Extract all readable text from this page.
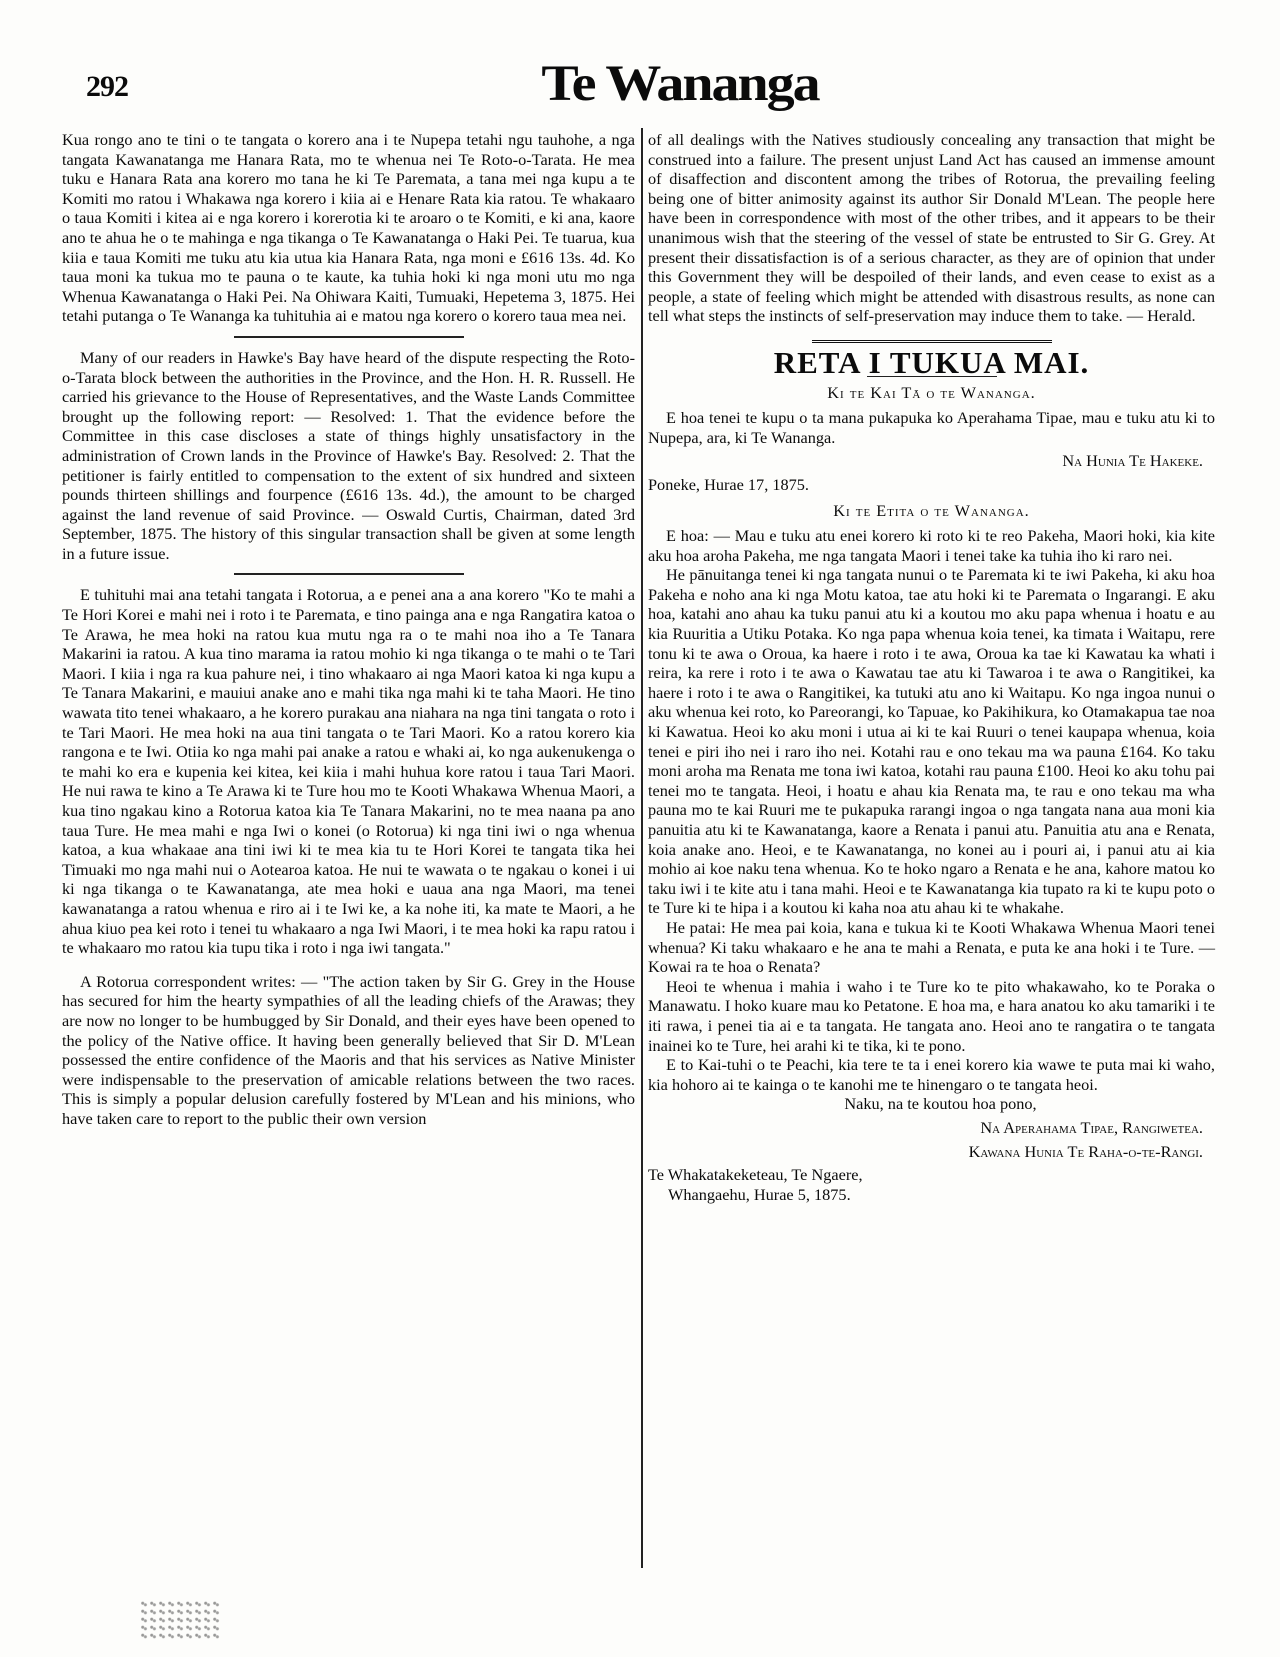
292	Te Wananga

Kua rongo ano te tini o te tangata o korero ana i te Nupepa tetahi ngu tauhohe, a nga tangata Kawanatanga me Hanara Rata, mo te whenua nei Te Roto-o-Tarata. He mea tuku e Hanara Rata ana korero mo tana he ki Te Paremata, a tana mei nga kupu a te Komiti mo ratou i Whakawa nga korero i kiia ai e Henare Rata kia ratou. Te whakaaro o taua Komiti i kitea ai e nga korero i korerotia ki te aroaro o te Komiti, e ki ana, kaore ano te ahua he o te mahinga e nga tikanga o Te Kawanatanga o Haki Pei. Te tuarua, kua kiia e taua Komiti me tuku atu kia utua kia Hanara Rata, nga moni e £616 13s. 4d. Ko taua moni ka tukua mo te pauna o te kaute, ka tuhia hoki ki nga moni utu mo nga Whenua Kawanatanga o Haki Pei. Na Ohiwara Kaiti, Tumuaki, Hepetema 3, 1875. Hei tetahi putanga o Te Wananga ka tuhituhia ai e matou nga korero o korero taua mea nei.

Many of our readers in Hawke's Bay have heard of the dispute respecting the Roto-o-Tarata block between the authorities in the Province, and the Hon. H. R. Russell. He carried his grievance to the House of Representatives, and the Waste Lands Committee brought up the following report: — Resolved: 1. That the evidence before the Committee in this case discloses a state of things highly unsatisfactory in the administration of Crown lands in the Province of Hawke's Bay. Resolved: 2. That the petitioner is fairly entitled to compensation to the extent of six hundred and sixteen pounds thirteen shillings and fourpence (£616 13s. 4d.), the amount to be charged against the land revenue of said Province. — Oswald Curtis, Chairman, dated 3rd September, 1875. The history of this singular transaction shall be given at some length in a future issue.

E tuhituhi mai ana tetahi tangata i Rotorua, a e penei ana a ana korero "Ko te mahi a Te Hori Korei e mahi nei i roto i te Paremata, e tino painga ana e nga Rangatira katoa o Te Arawa, he mea hoki na ratou kua mutu nga ra o te mahi noa iho a Te Tanara Makarini ia ratou. A kua tino marama ia ratou mohio ki nga tikanga o te mahi o te Tari Maori. I kiia i nga ra kua pahure nei, i tino whakaaro ai nga Maori katoa ki nga kupu a Te Tanara Makarini, e mauiui anake ano e mahi tika nga mahi ki te taha Maori. He tino wawata tito tenei whakaaro, a he korero purakau ana niahara na nga tini tangata o roto i te Tari Maori. He mea hoki na aua tini tangata o te Tari Maori. Ko a ratou korero kia rangona e te Iwi. Otiia ko nga mahi pai anake a ratou e whaki ai, ko nga aukenukenga o te mahi ko era e kupenia kei kitea, kei kiia i mahi huhua kore ratou i taua Tari Maori. He nui rawa te kino a Te Arawa ki te Ture hou mo te Kooti Whakawa Whenua Maori, a kua tino ngakau kino a Rotorua katoa kia Te Tanara Makarini, no te mea naana pa ano taua Ture. He mea mahi e nga Iwi o konei (o Rotorua) ki nga tini iwi o nga whenua katoa, a kua whakaae ana tini iwi ki te mea kia tu te Hori Korei te tangata tika hei Timuaki mo nga mahi nui o Aotearoa katoa. He nui te wawata o te ngakau o konei i ui ki nga tikanga o te Kawanatanga, ate mea hoki e uaua ana nga Maori, ma tenei kawanatanga a ratou whenua e riro ai i te Iwi ke, a ka nohe iti, ka mate te Maori, a he ahua kiuo pea kei roto i tenei tu whakaaro a nga Iwi Maori, i te mea hoki ka rapu ratou i te whakaaro mo ratou kia tupu tika i roto i nga iwi tangata."

A Rotorua correspondent writes: — "The action taken by Sir G. Grey in the House has secured for him the hearty sympathies of all the leading chiefs of the Arawas; they are now no longer to be humbugged by Sir Donald, and their eyes have been opened to the policy of the Native office. It having been generally believed that Sir D. M'Lean possessed the entire confidence of the Maoris and that his services as Native Minister were indispensable to the preservation of amicable relations between the two races. This is simply a popular delusion carefully fostered by M'Lean and his minions, who have taken care to report to the public their own version

of all dealings with the Natives studiously concealing any transaction that might be construed into a failure. The present unjust Land Act has caused an immense amount of disaffection and discontent among the tribes of Rotorua, the prevailing feeling being one of bitter animosity against its author Sir Donald M'Lean. The people here have been in correspondence with most of the other tribes, and it appears to be their unanimous wish that the steering of the vessel of state be entrusted to Sir G. Grey. At present their dissatisfaction is of a serious character, as they are of opinion that under this Government they will be despoiled of their lands, and even cease to exist as a people, a state of feeling which might be attended with disastrous results, as none can tell what steps the instincts of self-preservation may induce them to take. — Herald.

RETA I TUKUA MAI.
Ki te Kai Tā o te Wananga.

E hoa tenei te kupu o ta mana pukapuka ko Aperahama Tipae, mau e tuku atu ki to Nupepa, ara, ki Te Wananga.

Na Hunia Te Hakeke.

Poneke, Hurae 17, 1875.

Ki te Etita o te Wananga.

E hoa: — Mau e tuku atu enei korero ki roto ki te reo Pakeha, Maori hoki, kia kite aku hoa aroha Pakeha, me nga tangata Maori i tenei take ka tuhia iho ki raro nei.

He pānuitanga tenei ki nga tangata nunui o te Paremata ki te iwi Pakeha, ki aku hoa Pakeha e noho ana ki nga Motu katoa, tae atu hoki ki te Paremata o Ingarangi. E aku hoa, katahi ano ahau ka tuku panui atu ki a koutou mo aku papa whenua i hoatu e au kia Ruuritia a Utiku Potaka. Ko nga papa whenua koia tenei, ka timata i Waitapu, rere tonu ki te awa o Oroua, ka haere i roto i te awa, Oroua ka tae ki Kawatau ka whati i reira, ka rere i roto i te awa o Kawatau tae atu ki Tawaroa i te awa o Rangitikei, ka haere i roto i te awa o Rangitikei, ka tutuki atu ano ki Waitapu. Ko nga ingoa nunui o aku whenua kei roto, ko Pareorangi, ko Tapuae, ko Pakihikura, ko Otamakapua tae noa ki Kawatua. Heoi ko aku moni i utua ai ki te kai Ruuri o tenei kaupapa whenua, koia tenei e piri iho nei i raro iho nei. Kotahi rau e ono tekau ma wa pauna £164. Ko taku moni aroha ma Renata me tona iwi katoa, kotahi rau pauna £100. Heoi ko aku tohu pai tenei mo te tangata. Heoi, i hoatu e ahau kia Renata ma, te rau e ono tekau ma wha pauna mo te kai Ruuri me te pukapuka rarangi ingoa o nga tangata nana aua moni kia panuitia atu ki te Kawanatanga, kaore a Renata i panui atu. Panuitia atu ana e Renata, koia anake ano. Heoi, e te Kawanatanga, no konei au i pouri ai, i panui atu ai kia mohio ai koe naku tena whenua. Ko te hoko ngaro a Renata e he ana, kahore matou ko taku iwi i te kite atu i tana mahi. Heoi e te Kawanatanga kia tupato ra ki te kupu poto o te Ture ki te hipa i a koutou ki kaha noa atu ahau ki te whakahe.

He patai: He mea pai koia, kana e tukua ki te Kooti Whakawa Whenua Maori tenei whenua? Ki taku whakaaro e he ana te mahi a Renata, e puta ke ana hoki i te Ture. — Kowai ra te hoa o Renata?

Heoi te whenua i mahia i waho i te Ture ko te pito whakawaho, ko te Poraka o Manawatu. I hoko kuare mau ko Petatone. E hoa ma, e hara anatou ko aku tamariki i te iti rawa, i penei tia ai e ta tangata. He tangata ano. Heoi ano te rangatira o te tangata inainei ko te Ture, hei arahi ki te tika, ki te pono.

E to Kai-tuhi o te Peachi, kia tere te ta i enei korero kia wawe te puta mai ki waho, kia hohoro ai te kainga o te kanohi me te hinengaro o te tangata heoi.

Naku, na te koutou hoa pono,

Na Aperahama Tipae, Rangiwetea.
Kawana Hunia Te Raha-o-te-Rangi.

Te Whakatakeketeau, Te Ngaere,

Whangaehu, Hurae 5, 1875.
